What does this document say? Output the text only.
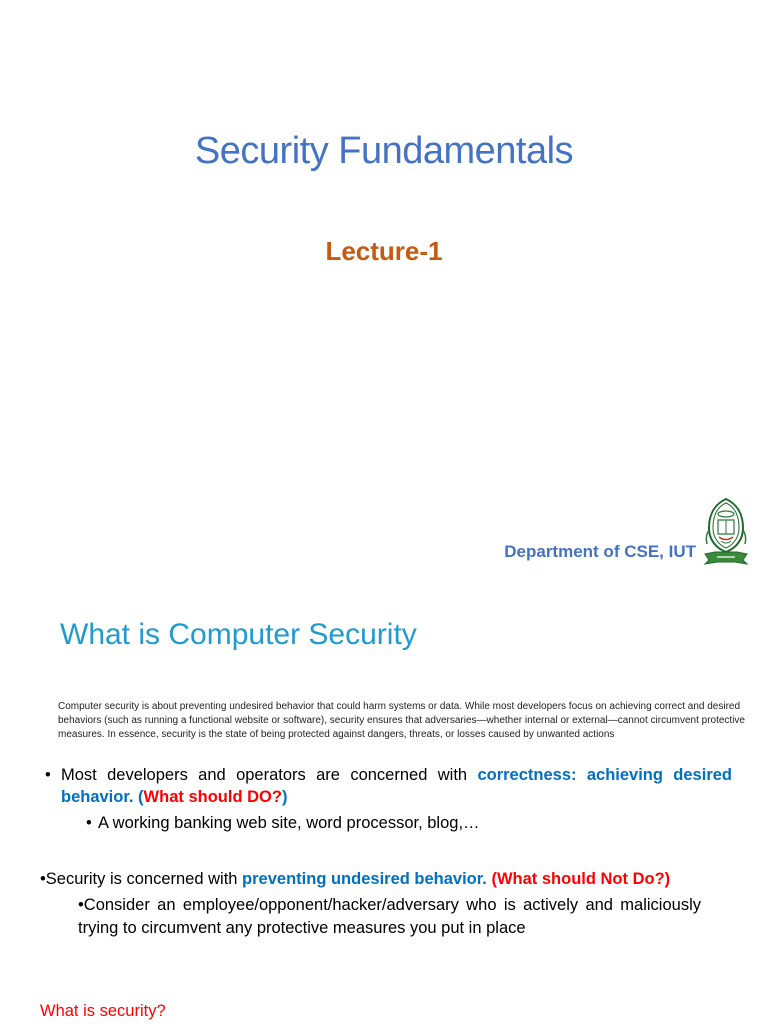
Security Fundamentals
Lecture-1

Department of CSE, IUT

What is Computer Security

Computer security is about preventing undesired behavior that could harm systems or data. While most developers focus on achieving correct and desired behaviors (such as running a functional website or software), security ensures that adversaries—whether internal or external—cannot circumvent protective measures. In essence, security is the state of being protected against dangers, threats, or losses caused by unwanted actions

• Most developers and operators are concerned with correctness: achieving desired behavior. (What should DO?)
• A working banking web site, word processor, blog,…

•Security is concerned with preventing undesired behavior. (What should Not Do?)

•Consider an employee/opponent/hacker/adversary who is actively and maliciously trying to circumvent any protective measures you put in place

What is security?
